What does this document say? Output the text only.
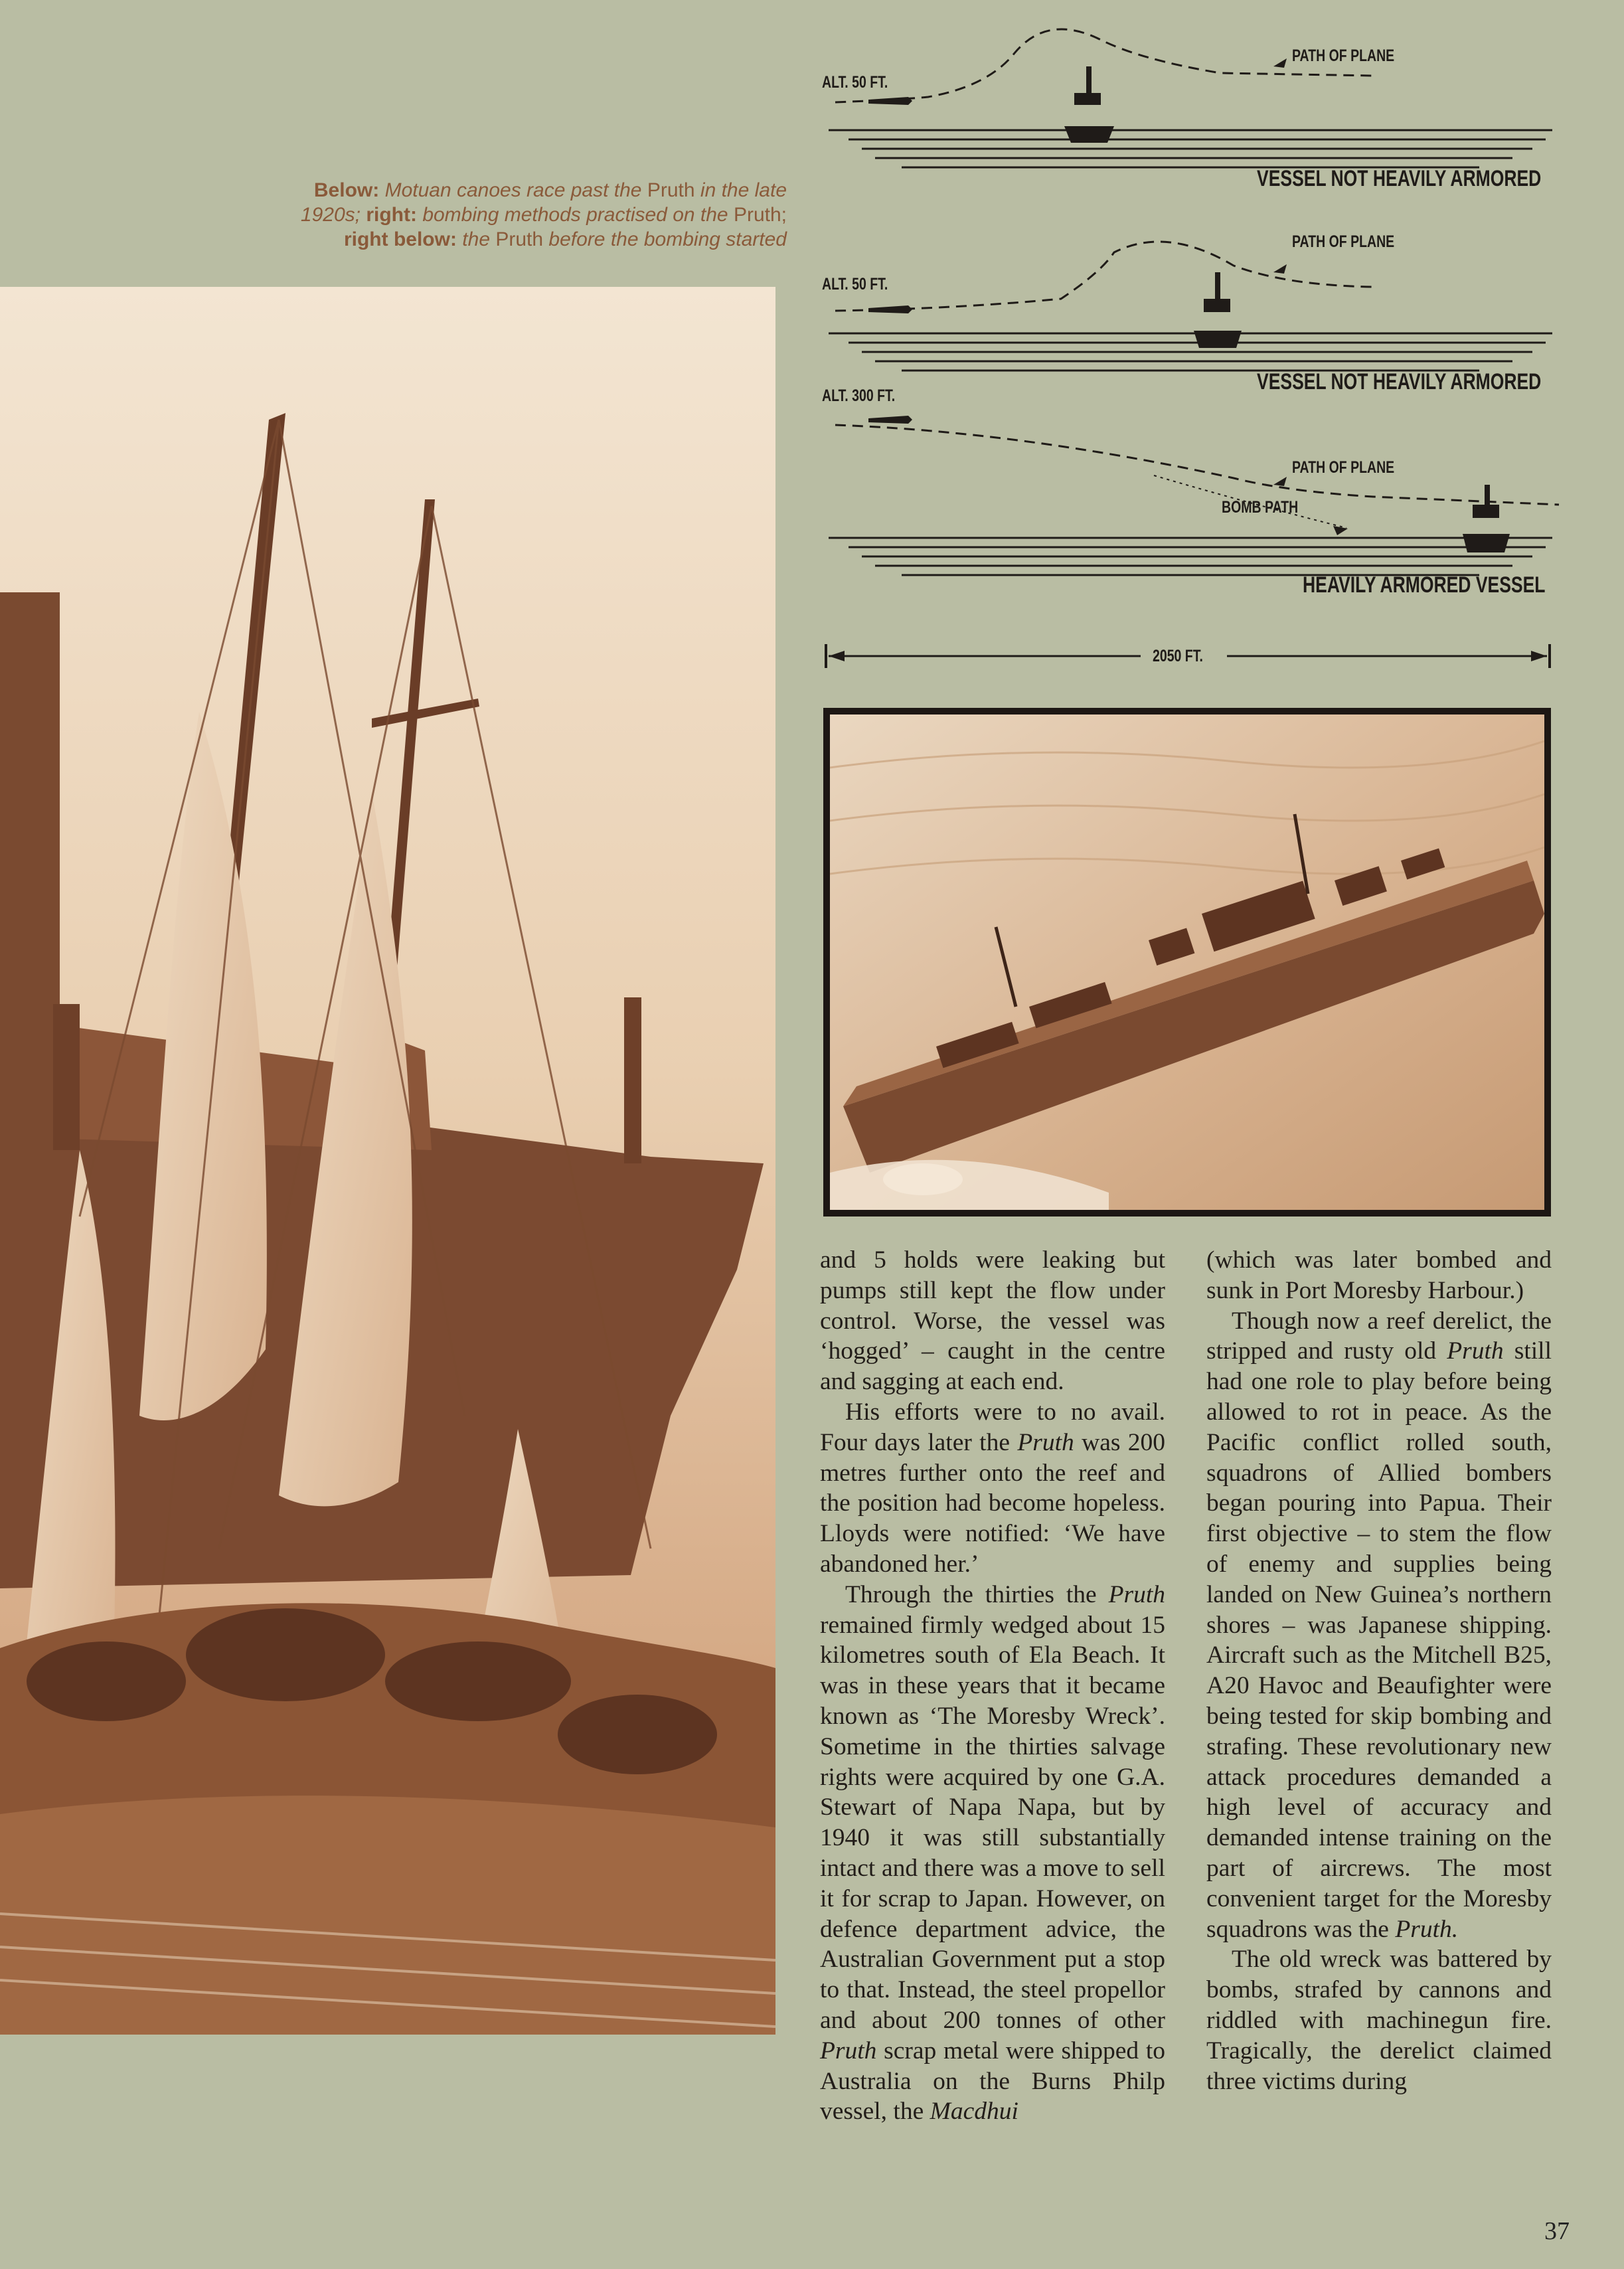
Below: Motuan canoes race past the Pruth in the late 1920s; right: bombing methods practised on the Pruth; right below: the Pruth before the bombing started
ALT. 50 FT.
PATH OF PLANE
VESSEL NOT HEAVILY ARMORED
ALT. 50 FT.
PATH OF PLANE
VESSEL NOT HEAVILY ARMORED
ALT. 300 FT.
PATH OF PLANE
BOMB PATH
HEAVILY ARMORED VESSEL
2050 FT.

and 5 holds were leaking but pumps still kept the flow under control. Worse, the vessel was ‘hogged’ – caught in the centre and sagging at each end.

His efforts were to no avail. Four days later the Pruth was 200 metres further onto the reef and the position had become hopeless. Lloyds were notified: ‘We have abandoned her.’

Through the thirties the Pruth remained firmly wedged about 15 kilometres south of Ela Beach. It was in these years that it became known as ‘The Moresby Wreck’. Sometime in the thirties salvage rights were acquired by one G.A. Stewart of Napa Napa, but by 1940 it was still substantially intact and there was a move to sell it for scrap to Japan. However, on defence department advice, the Australian Government put a stop to that. Instead, the steel propellor and about 200 tonnes of other Pruth scrap metal were shipped to Australia on the Burns Philp vessel, the Macdhui

(which was later bombed and sunk in Port Moresby Harbour.)

Though now a reef derelict, the stripped and rusty old Pruth still had one role to play before being allowed to rot in peace. As the Pacific conflict rolled south, squadrons of Allied bombers began pouring into Papua. Their first objective – to stem the flow of enemy and supplies being landed on New Guinea’s northern shores – was Japanese shipping. Aircraft such as the Mitchell B25, A20 Havoc and Beaufighter were being tested for skip bombing and strafing. These revolutionary new attack procedures demanded a high level of accuracy and demanded intense training on the part of aircrews. The most convenient target for the Moresby squadrons was the Pruth.

The old wreck was battered by bombs, strafed by cannons and riddled with machinegun fire. Tragically, the derelict claimed three victims during

37
